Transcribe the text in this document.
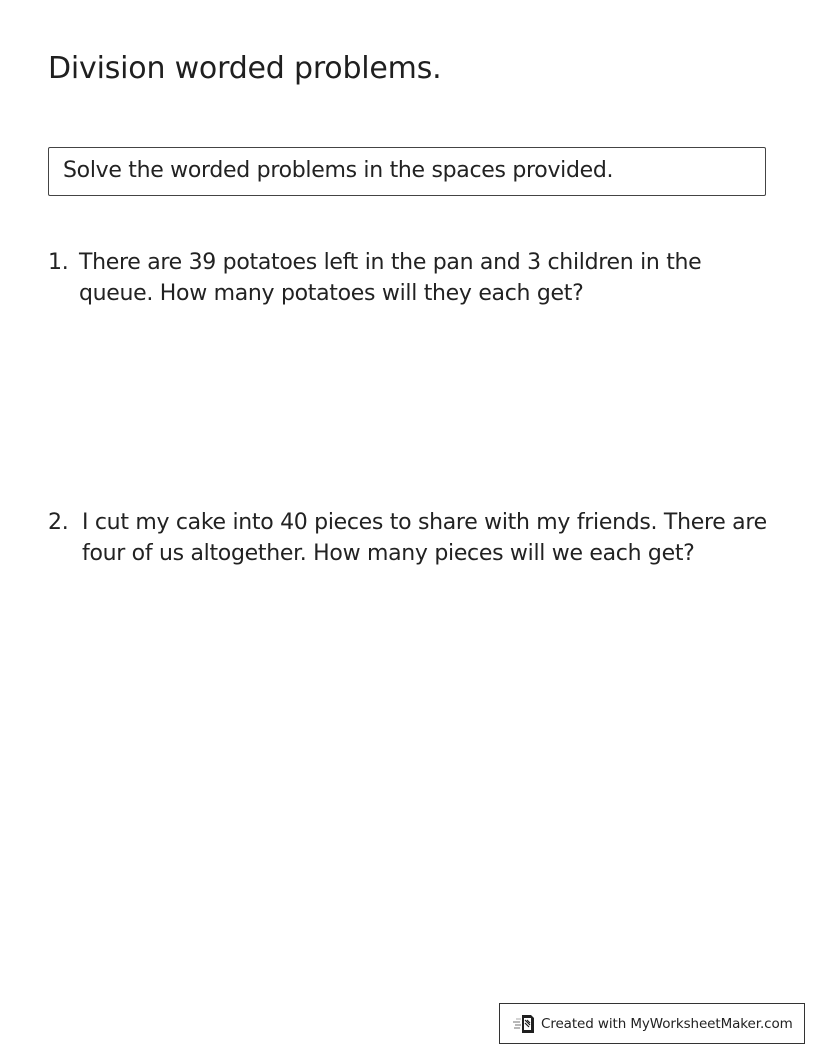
Division worded problems.
Solve the worded problems in the spaces provided.
1. There are 39 potatoes left in the pan and 3 children in the
queue. How many potatoes will they each get?
2. I cut my cake into 40 pieces to share with my friends. There are
four of us altogether. How many pieces will we each get?
Created with MyWorksheetMaker.com
